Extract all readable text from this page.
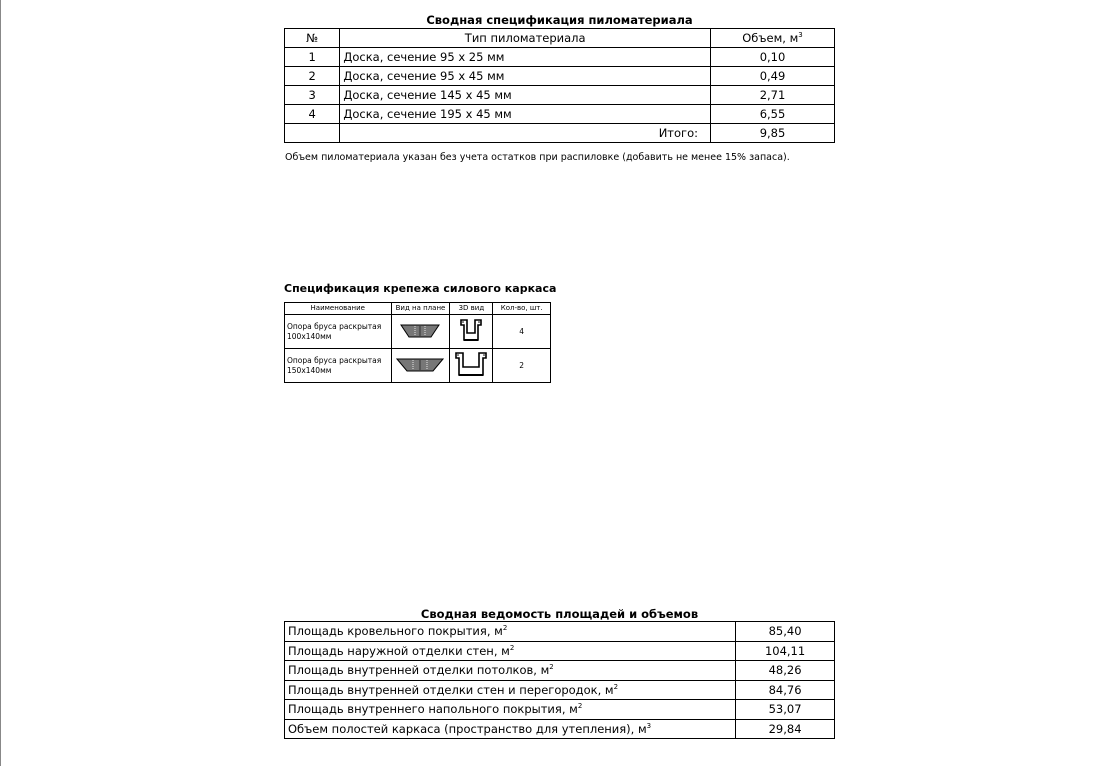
Сводная спецификация пиломатериала
№	Тип пиломатериала	Объем, $м^3$
1	Доска, сечение 95 х 25 мм	0,10
2	Доска, сечение 95 х 45 мм	0,49
3	Доска, сечение 145 х 45 мм	2,71
4	Доска, сечение 195 х 45 мм	6,55
	Итого:	9,85
Объем пиломатериала указан без учета остатков при распиловке (добавить не менее 15% запаса).
Спецификация крепежа силового каркаса
Наименование	Вид на плане	3D вид	Кол-во, шт.
Опора бруса раскрытая
100х140мм			4
Опора бруса раскрытая
150х140мм			2
Сводная ведомость площадей и объемов
Площадь кровельного покрытия, $м^2$	85,40
Площадь наружной отделки стен, $м^2$	104,11
Площадь внутренней отделки потолков, $м^2$	48,26
Площадь внутренней отделки стен и перегородок, $м^2$	84,76
Площадь внутреннего напольного покрытия, $м^2$	53,07
Объем полостей каркаса (пространство для утепления), $м^3$	29,84
